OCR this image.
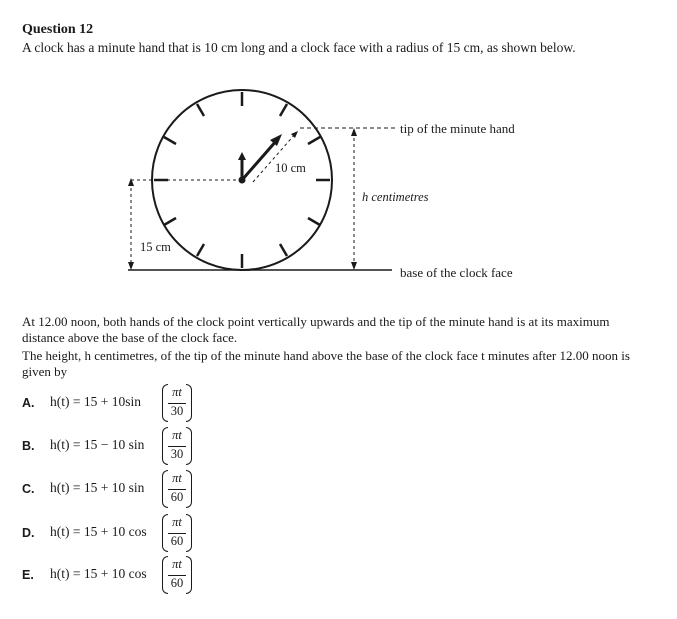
Question 12

A clock has a minute hand that is 10 cm long and a clock face with a radius of 15 cm, as shown below.

tip of the minute hand
10 cm
h centimetres
15 cm
base of the clock face
At 12.00 noon, both hands of the clock point vertically upwards and the tip of the minute hand is at its maximum
distance above the base of the clock face.
The height, h centimetres, of the tip of the minute hand above the base of the clock face t minutes after 12.00 noon is
given by
A. h(t) = 15 + 10sin
πt
30
B. h(t) = 15 − 10 sin
πt
30
C. h(t) = 15 + 10 sin
πt
60
D. h(t) = 15 + 10 cos
πt
60
E. h(t) = 15 + 10 cos
πt
60
